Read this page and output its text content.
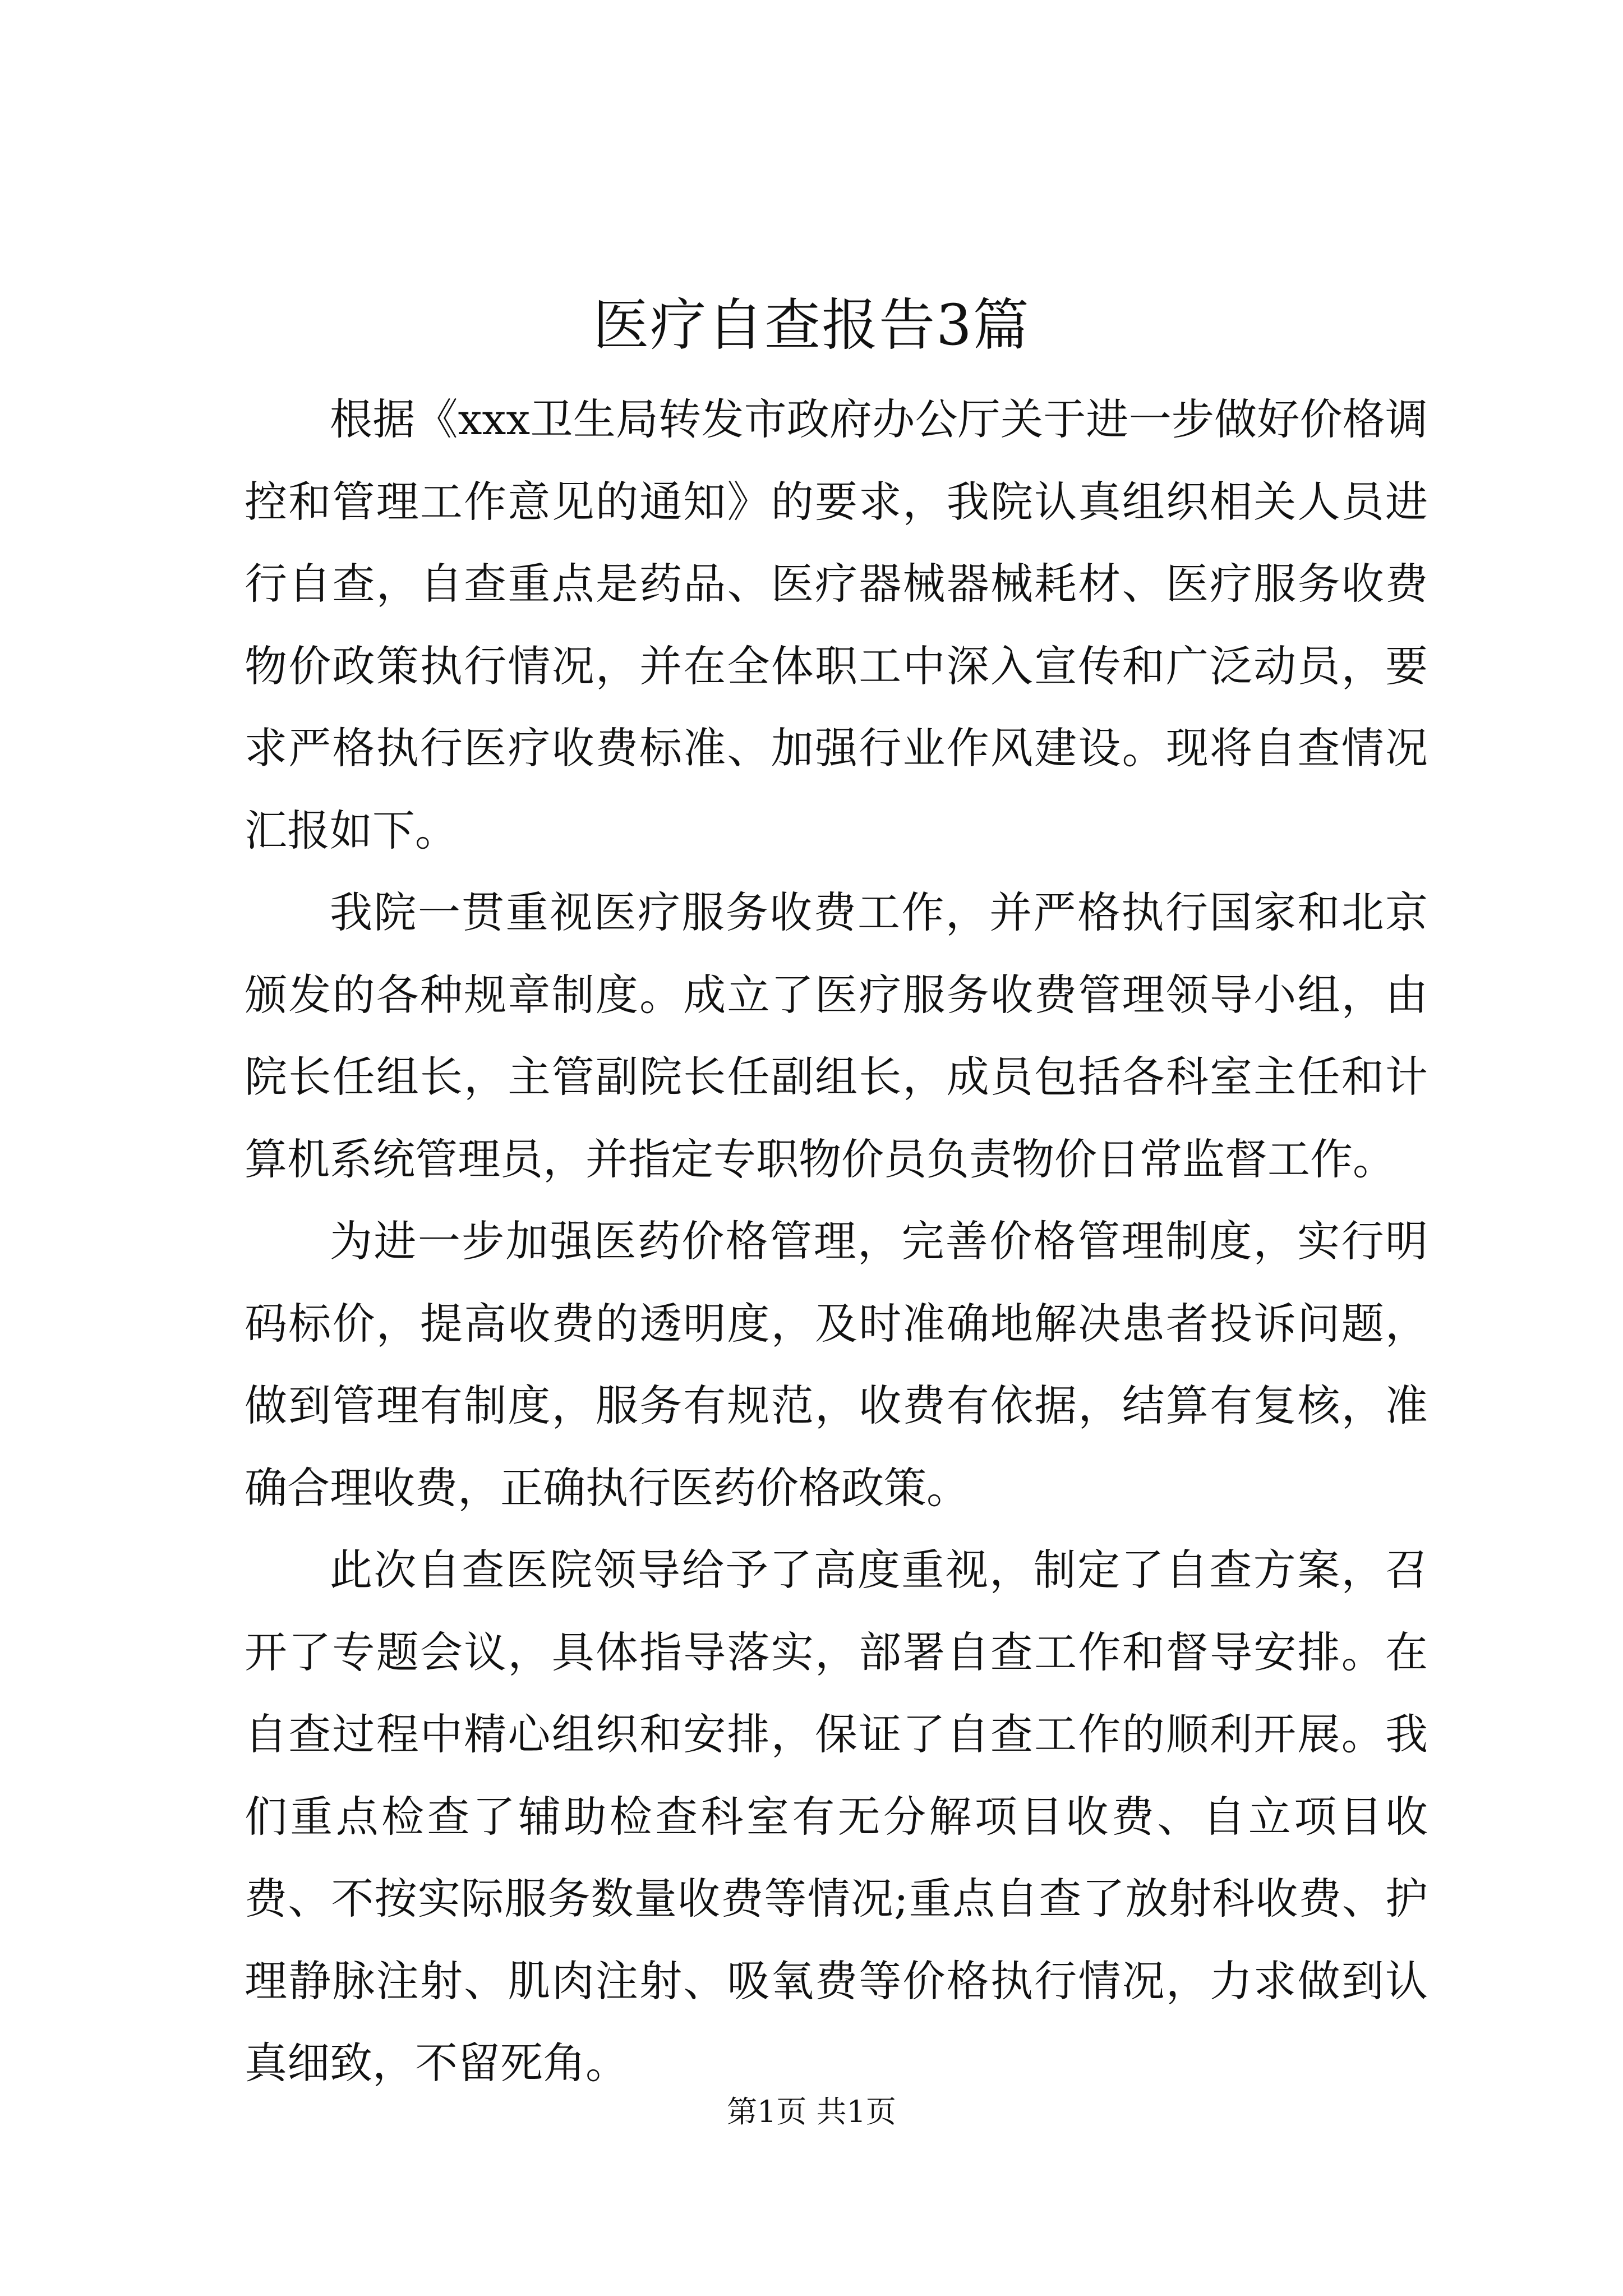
医疗自查报告3篇

根据《xxx卫生局转发市政府办公厅关于进一步做好价格调控和管理工作意见的通知》的要求，我院认真组织相关人员进行自查，自查重点是药品、医疗器械器械耗材、医疗服务收费物价政策执行情况，并在全体职工中深入宣传和广泛动员，要求严格执行医疗收费标准、加强行业作风建设。现将自查情况汇报如下。

我院一贯重视医疗服务收费工作，并严格执行国家和北京颁发的各种规章制度。成立了医疗服务收费管理领导小组，由院长任组长，主管副院长任副组长，成员包括各科室主任和计算机系统管理员，并指定专职物价员负责物价日常监督工作。

为进一步加强医药价格管理，完善价格管理制度，实行明码标价，提高收费的透明度，及时准确地解决患者投诉问题，做到管理有制度，服务有规范，收费有依据，结算有复核，准确合理收费，正确执行医药价格政策。

此次自查医院领导给予了高度重视，制定了自查方案，召开了专题会议，具体指导落实，部署自查工作和督导安排。在自查过程中精心组织和安排，保证了自查工作的顺利开展。我们重点检查了辅助检查科室有无分解项目收费、自立项目收费、不按实际服务数量收费等情况;重点自查了放射科收费、护理静脉注射、肌肉注射、吸氧费等价格执行情况，力求做到认真细致，不留死角。

第1页 共1页
